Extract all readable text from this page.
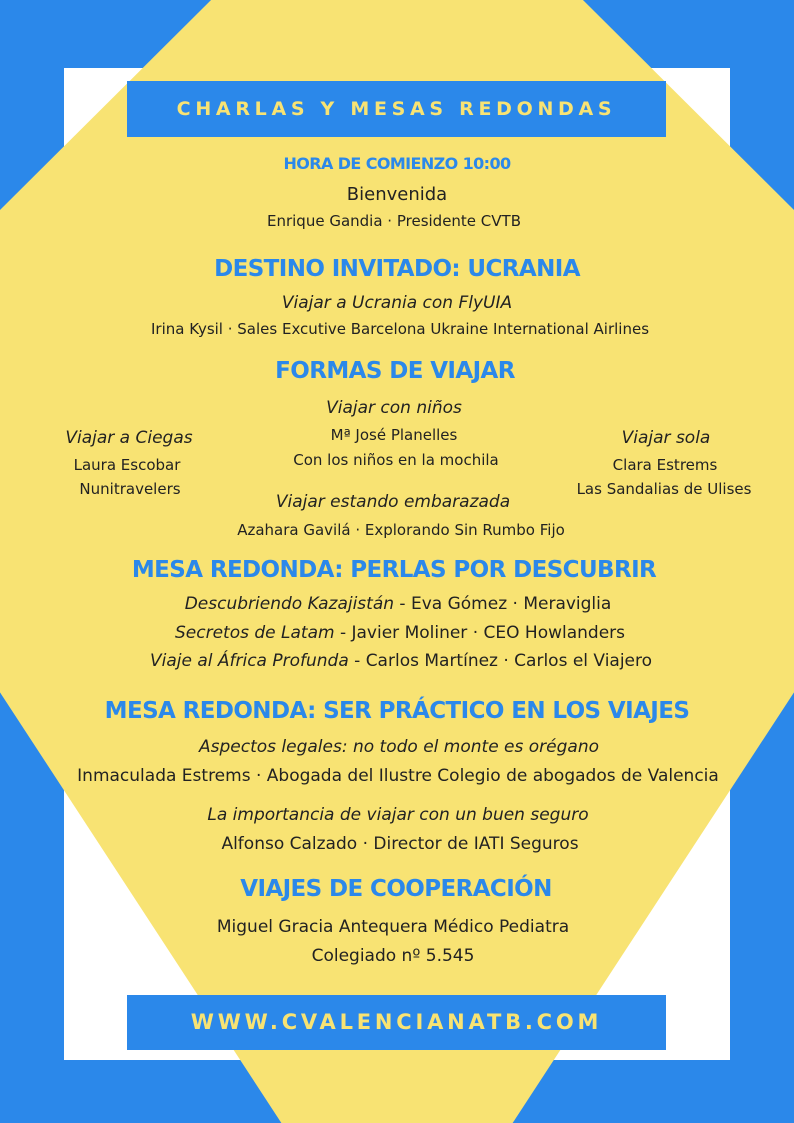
CHARLAS Y MESAS REDONDAS
HORA DE COMIENZO 10:00
Bienvenida
Enrique Gandia · Presidente CVTB
DESTINO INVITADO: UCRANIA
Viajar a Ucrania con FlyUIA
Irina Kysil · Sales Excutive Barcelona Ukraine International Airlines
FORMAS DE VIAJAR
Viajar con niños
Mª José Planelles
Con los niños en la mochila
Viajar a Ciegas
Laura Escobar
Nunitravelers
Viajar sola
Clara Estrems
Las Sandalias de Ulises
Viajar estando embarazada
Azahara Gavilá · Explorando Sin Rumbo Fijo
MESA REDONDA: PERLAS POR DESCUBRIR
Descubriendo Kazajistán - Eva Gómez · Meraviglia
Secretos de Latam - Javier Moliner · CEO Howlanders
Viaje al África Profunda - Carlos Martínez · Carlos el Viajero
MESA REDONDA: SER PRÁCTICO EN LOS VIAJES
Aspectos legales: no todo el monte es orégano
Inmaculada Estrems · Abogada del Ilustre Colegio de abogados de Valencia
La importancia de viajar con un buen seguro
Alfonso Calzado · Director de IATI Seguros
VIAJES DE COOPERACIÓN
Miguel Gracia Antequera Médico Pediatra
Colegiado nº 5.545
WWW.CVALENCIANATB.COM
